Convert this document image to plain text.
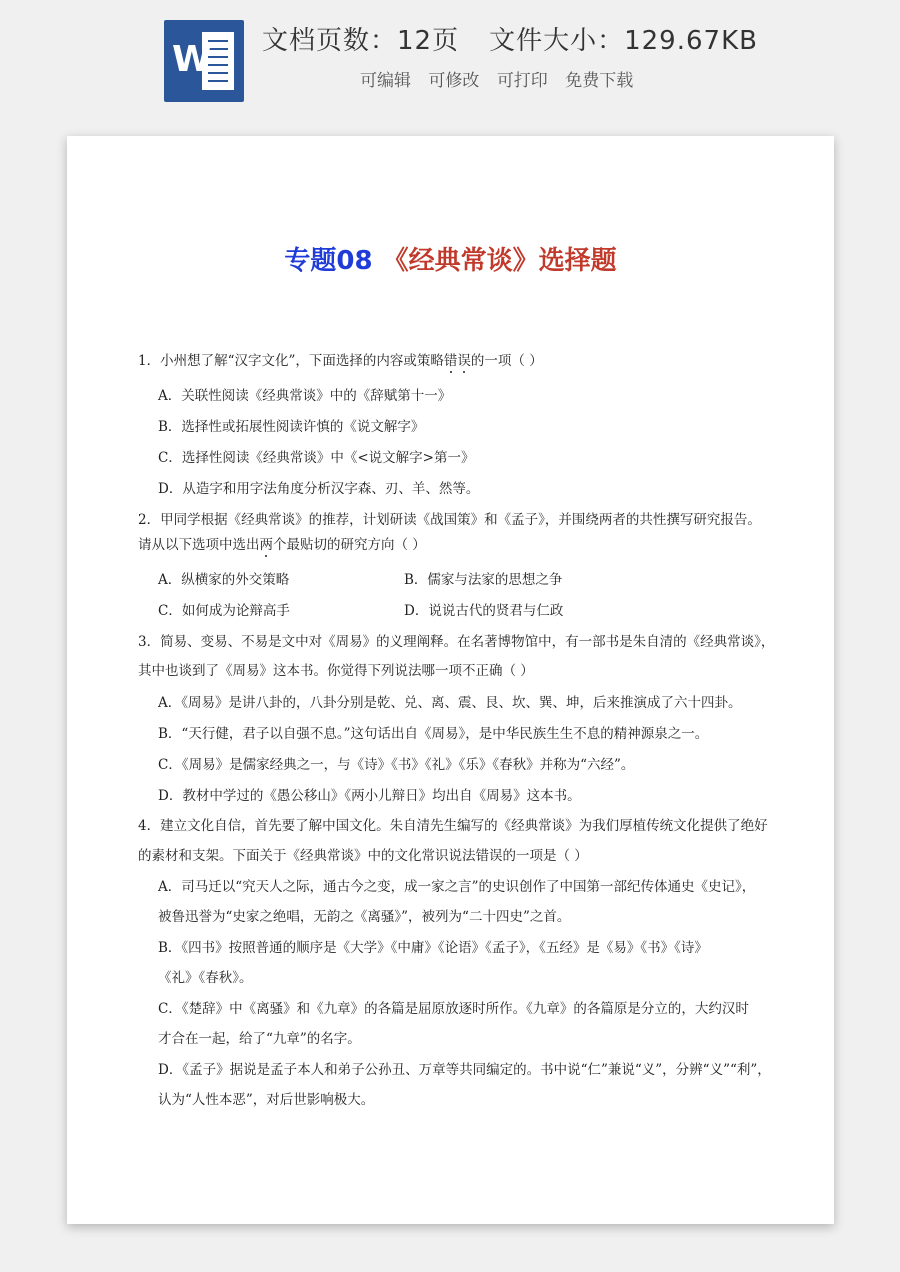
W 文档页数：12页 文件大小：129.67KB
可编辑 可修改 可打印 免费下载
专题08 《经典常谈》选择题
1．小州想了解“汉字文化”，下面选择的内容或策略错误的一项（ ）
A．关联性阅读《经典常谈》中的《辞赋第十一》
B．选择性或拓展性阅读许慎的《说文解字》
C．选择性阅读《经典常谈》中《<说文解字>第一》
D．从造字和用字法角度分析汉字森、刃、羊、然等。
2．甲同学根据《经典常谈》的推荐，计划研读《战国策》和《孟子》，并围绕两者的共性撰写研究报告。
请从以下选项中选出两个最贴切的研究方向（ ）
A．纵横家的外交策略	B．儒家与法家的思想之争
C．如何成为论辩高手	D．说说古代的贤君与仁政
3．简易、变易、不易是文中对《周易》的义理阐释。在名著博物馆中，有一部书是朱自清的《经典常谈》，
其中也谈到了《周易》这本书。你觉得下列说法哪一项不正确（ ）
A．《周易》是讲八卦的，八卦分别是乾、兑、离、震、艮、坎、巽、坤，后来推演成了六十四卦。
B．“天行健，君子以自强不息。”这句话出自《周易》，是中华民族生生不息的精神源泉之一。
C．《周易》是儒家经典之一，与《诗》《书》《礼》《乐》《春秋》并称为“六经”。
D．教材中学过的《愚公移山》《两小儿辩日》均出自《周易》这本书。
4．建立文化自信，首先要了解中国文化。朱自清先生编写的《经典常谈》为我们厚植传统文化提供了绝好
的素材和支架。下面关于《经典常谈》中的文化常识说法错误的一项是（ ）
A．司马迁以“究天人之际，通古今之变，成一家之言”的史识创作了中国第一部纪传体通史《史记》，
被鲁迅誉为“史家之绝唱，无韵之《离骚》”，被列为“二十四史”之首。
B．《四书》按照普通的顺序是《大学》《中庸》《论语》《孟子》，《五经》是《易》《书》《诗》
《礼》《春秋》。
C．《楚辞》中《离骚》和《九章》的各篇是屈原放逐时所作。《九章》的各篇原是分立的，大约汉时
才合在一起，给了“九章”的名字。
D．《孟子》据说是孟子本人和弟子公孙丑、万章等共同编定的。书中说“仁”兼说“义”，分辨“义”“利”，
认为“人性本恶”，对后世影响极大。
